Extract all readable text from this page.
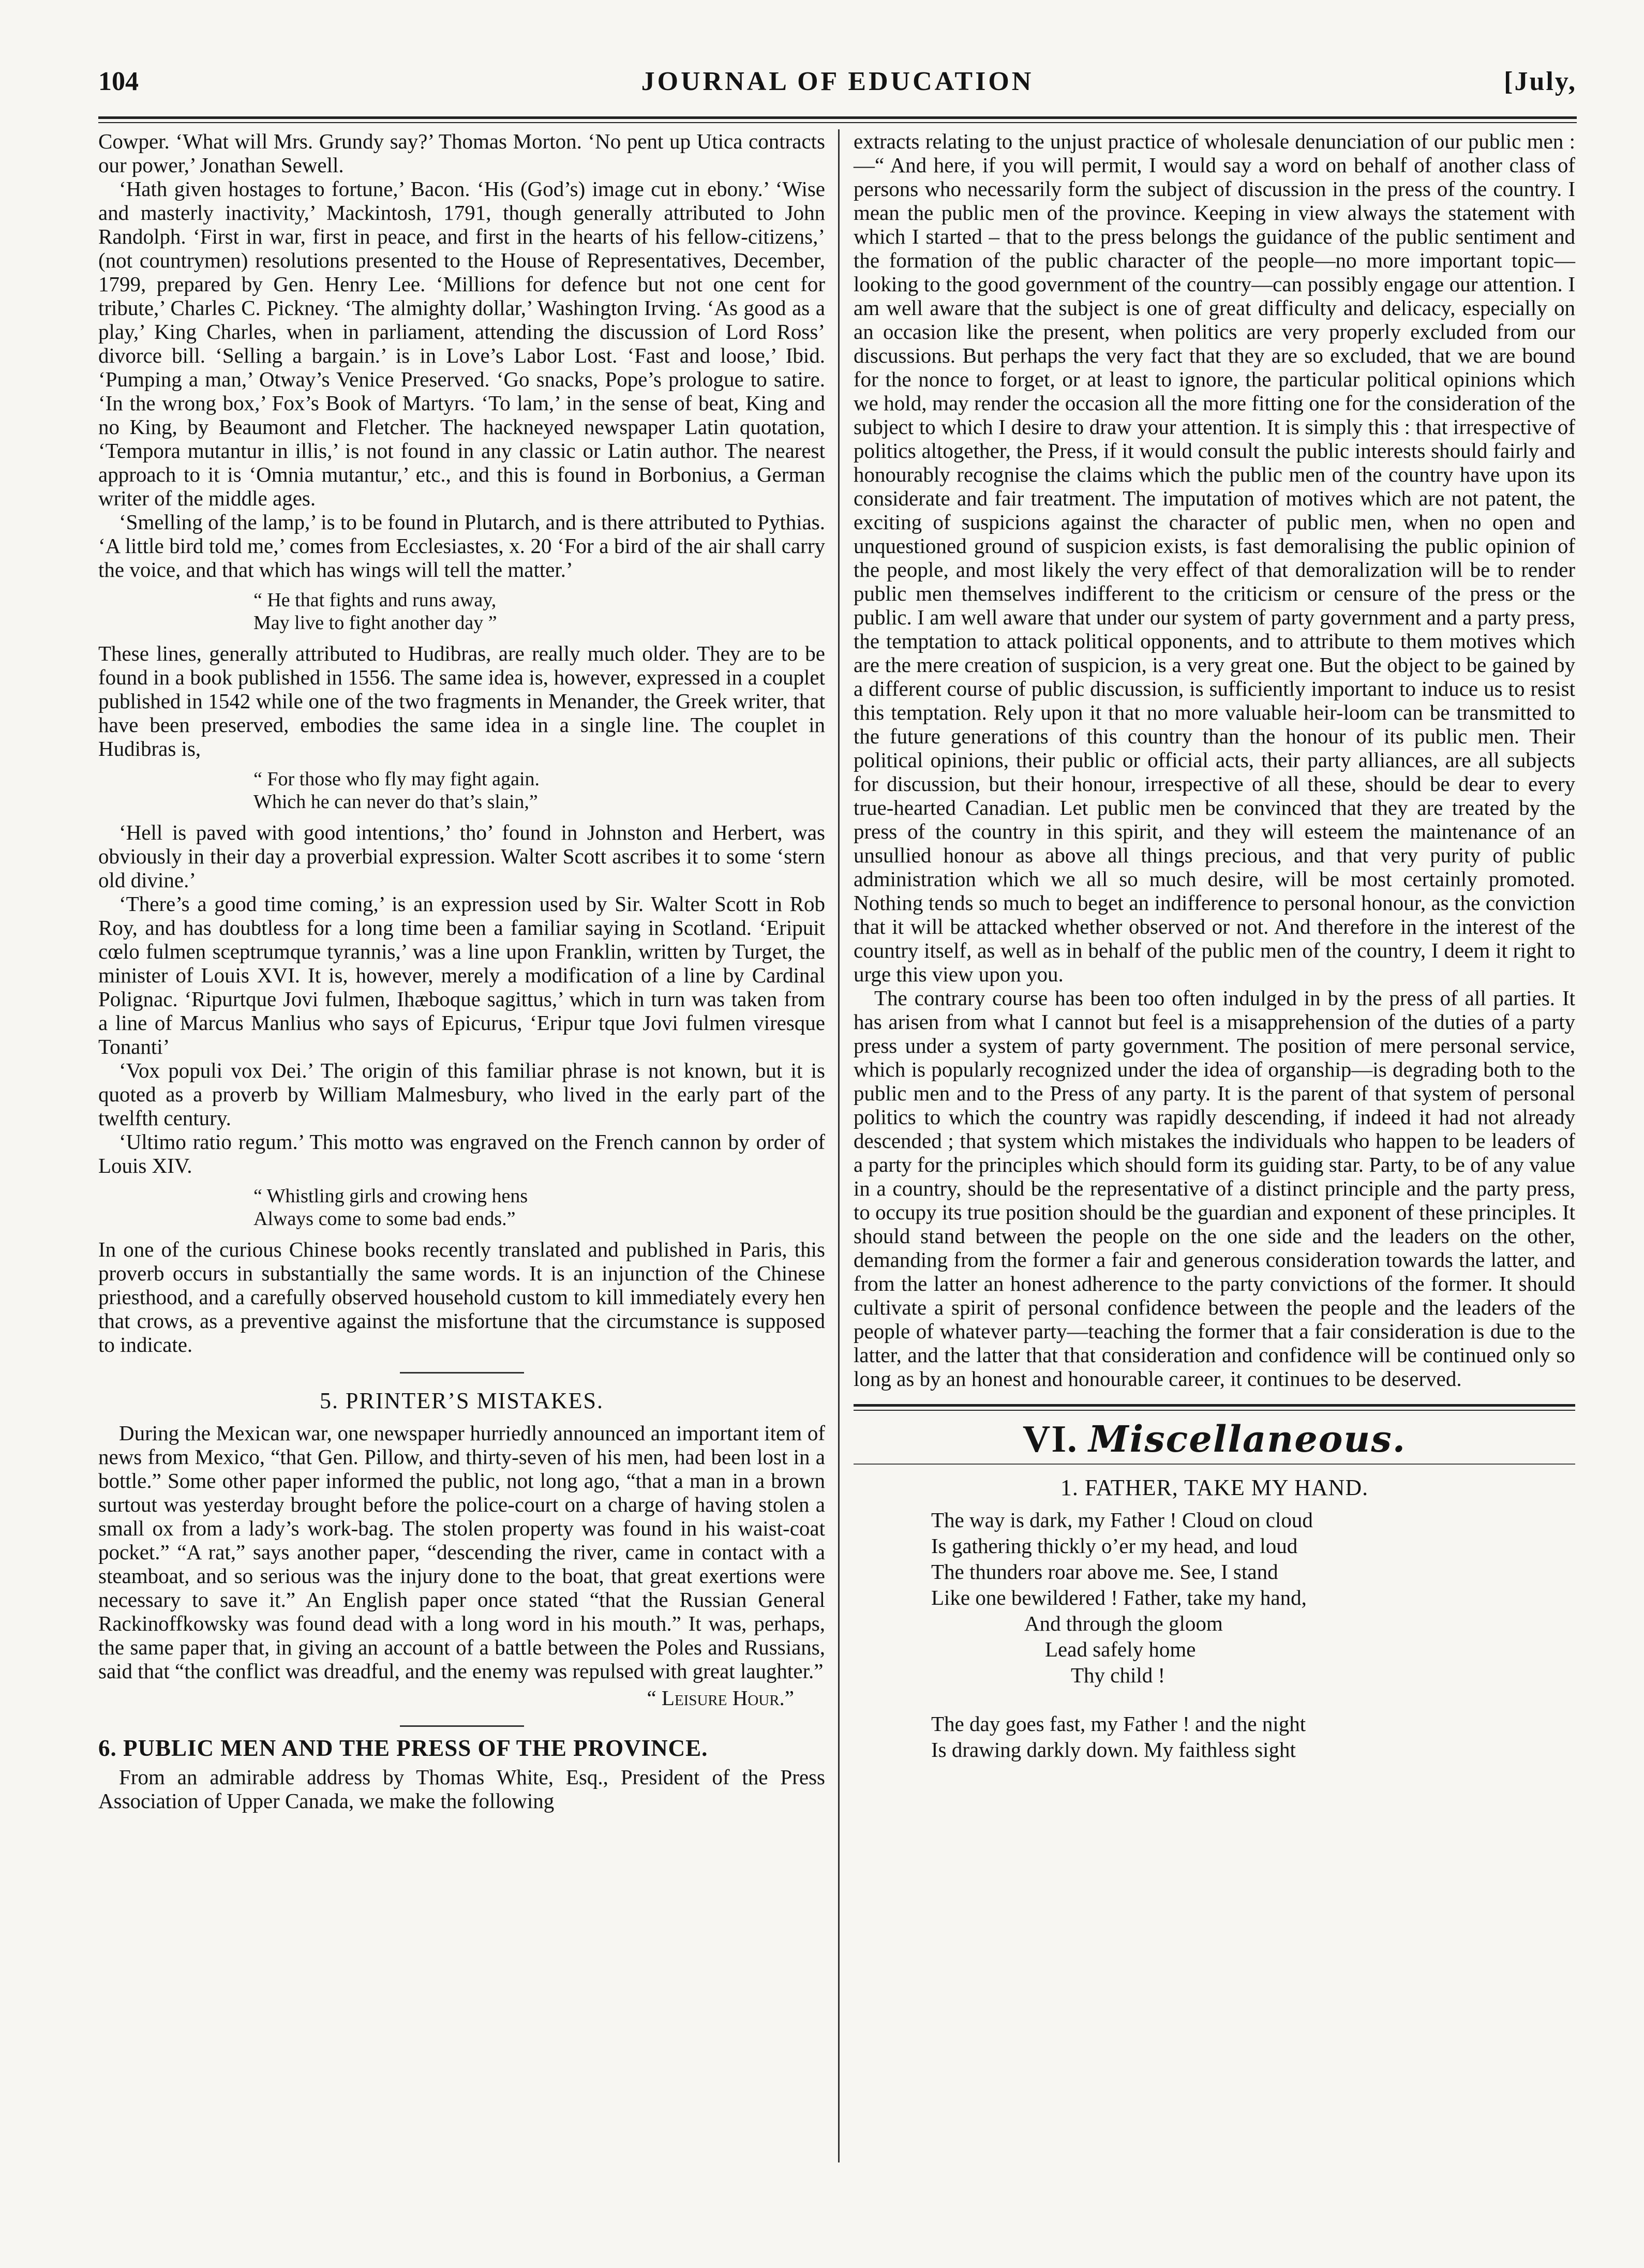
104	JOURNAL OF EDUCATION	[July,

Cowper. ‘What will Mrs. Grundy say?’ Thomas Morton. ‘No pent up Utica contracts our power,’ Jonathan Sewell.

‘Hath given hostages to fortune,’ Bacon. ‘His (God’s) image cut in ebony.’ ‘Wise and masterly inactivity,’ Mackintosh, 1791, though generally attributed to John Randolph. ‘First in war, first in peace, and first in the hearts of his fellow-citizens,’ (not countrymen) resolutions presented to the House of Representatives, December, 1799, prepared by Gen. Henry Lee. ‘Millions for defence but not one cent for tribute,’ Charles C. Pickney. ‘The almighty dollar,’ Washington Irving. ‘As good as a play,’ King Charles, when in parliament, attending the discussion of Lord Ross’ divorce bill. ‘Selling a bargain.’ is in Love’s Labor Lost. ‘Fast and loose,’ Ibid. ‘Pumping a man,’ Otway’s Venice Preserved. ‘Go snacks, Pope’s prologue to satire. ‘In the wrong box,’ Fox’s Book of Martyrs. ‘To lam,’ in the sense of beat, King and no King, by Beaumont and Fletcher. The hackneyed newspaper Latin quotation, ‘Tempora mutantur in illis,’ is not found in any classic or Latin author. The nearest approach to it is ‘Omnia mutantur,’ etc., and this is found in Borbonius, a German writer of the middle ages.

‘Smelling of the lamp,’ is to be found in Plutarch, and is there attributed to Pythias. ‘A little bird told me,’ comes from Ecclesiastes, x. 20 ‘For a bird of the air shall carry the voice, and that which has wings will tell the matter.’

“ He that fights and runs away,
May live to fight another day ”

These lines, generally attributed to Hudibras, are really much older. They are to be found in a book published in 1556. The same idea is, however, expressed in a couplet published in 1542 while one of the two fragments in Menander, the Greek writer, that have been preserved, embodies the same idea in a single line. The couplet in Hudibras is,

“ For those who fly may fight again.
Which he can never do that’s slain,”

‘Hell is paved with good intentions,’ tho’ found in Johnston and Herbert, was obviously in their day a proverbial expression. Walter Scott ascribes it to some ‘stern old divine.’

‘There’s a good time coming,’ is an expression used by Sir. Walter Scott in Rob Roy, and has doubtless for a long time been a familiar saying in Scotland. ‘Eripuit cœlo fulmen sceptrumque tyrannis,’ was a line upon Franklin, written by Turget, the minister of Louis XVI. It is, however, merely a modification of a line by Cardinal Polignac. ‘Ripurtque Jovi fulmen, Ihæboque sagittus,’ which in turn was taken from a line of Marcus Manlius who says of Epicurus, ‘Eripur tque Jovi fulmen viresque Tonanti’

‘Vox populi vox Dei.’ The origin of this familiar phrase is not known, but it is quoted as a proverb by William Malmesbury, who lived in the early part of the twelfth century.

‘Ultimo ratio regum.’ This motto was engraved on the French cannon by order of Louis XIV.

“ Whistling girls and crowing hens
Always come to some bad ends.”

In one of the curious Chinese books recently translated and published in Paris, this proverb occurs in substantially the same words. It is an injunction of the Chinese priesthood, and a carefully observed household custom to kill immediately every hen that crows, as a preventive against the misfortune that the circumstance is supposed to indicate.

5. PRINTER’S MISTAKES.

During the Mexican war, one newspaper hurriedly announced an important item of news from Mexico, “that Gen. Pillow, and thirty-seven of his men, had been lost in a bottle.” Some other paper informed the public, not long ago, “that a man in a brown surtout was yesterday brought before the police-court on a charge of having stolen a small ox from a lady’s work-bag. The stolen property was found in his waist-coat pocket.” “A rat,” says another paper, “descending the river, came in contact with a steamboat, and so serious was the injury done to the boat, that great exertions were necessary to save it.” An English paper once stated “that the Russian General Rackinoffkowsky was found dead with a long word in his mouth.” It was, perhaps, the same paper that, in giving an account of a battle between the Poles and Russians, said that “the conflict was dreadful, and the enemy was repulsed with great laughter.”

“ Leisure Hour.”
6. PUBLIC MEN AND THE PRESS OF THE PROVINCE.

From an admirable address by Thomas White, Esq., President of the Press Association of Upper Canada, we make the following

extracts relating to the unjust practice of wholesale denunciation of our public men :—“ And here, if you will permit, I would say a word on behalf of another class of persons who necessarily form the subject of discussion in the press of the country. I mean the public men of the province. Keeping in view always the statement with which I started – that to the press belongs the guidance of the public sentiment and the formation of the public character of the people—no more important topic—looking to the good government of the country—can possibly engage our attention. I am well aware that the subject is one of great difficulty and delicacy, especially on an occasion like the present, when politics are very properly excluded from our discussions. But perhaps the very fact that they are so excluded, that we are bound for the nonce to forget, or at least to ignore, the particular political opinions which we hold, may render the occasion all the more fitting one for the consideration of the subject to which I desire to draw your attention. It is simply this : that irrespective of politics altogether, the Press, if it would consult the public interests should fairly and honourably recognise the claims which the public men of the country have upon its considerate and fair treatment. The imputation of motives which are not patent, the exciting of suspicions against the character of public men, when no open and unquestioned ground of suspicion exists, is fast demoralising the public opinion of the people, and most likely the very effect of that demoralization will be to render public men themselves indifferent to the criticism or censure of the press or the public. I am well aware that under our system of party government and a party press, the temptation to attack political opponents, and to attribute to them motives which are the mere creation of suspicion, is a very great one. But the object to be gained by a different course of public discussion, is sufficiently important to induce us to resist this temptation. Rely upon it that no more valuable heir-loom can be transmitted to the future generations of this country than the honour of its public men. Their political opinions, their public or official acts, their party alliances, are all subjects for discussion, but their honour, irrespective of all these, should be dear to every true-hearted Canadian. Let public men be convinced that they are treated by the press of the country in this spirit, and they will esteem the maintenance of an unsullied honour as above all things precious, and that very purity of public administration which we all so much desire, will be most certainly promoted. Nothing tends so much to beget an indifference to personal honour, as the conviction that it will be attacked whether observed or not. And therefore in the interest of the country itself, as well as in behalf of the public men of the country, I deem it right to urge this view upon you.

The contrary course has been too often indulged in by the press of all parties. It has arisen from what I cannot but feel is a misapprehension of the duties of a party press under a system of party government. The position of mere personal service, which is popularly recognized under the idea of organship—is degrading both to the public men and to the Press of any party. It is the parent of that system of personal politics to which the country was rapidly descending, if indeed it had not already descended ; that system which mistakes the individuals who happen to be leaders of a party for the principles which should form its guiding star. Party, to be of any value in a country, should be the representative of a distinct principle and the party press, to occupy its true position should be the guardian and exponent of these principles. It should stand between the people on the one side and the leaders on the other, demanding from the former a fair and generous consideration towards the latter, and from the latter an honest adherence to the party convictions of the former. It should cultivate a spirit of personal confidence between the people and the leaders of the people of whatever party—teaching the former that a fair consideration is due to the latter, and the latter that that consideration and confidence will be continued only so long as by an honest and honourable career, it continues to be deserved.

VI. Miscellaneous.
1. FATHER, TAKE MY HAND.
The way is dark, my Father ! Cloud on cloud
Is gathering thickly o’er my head, and loud
The thunders roar above me. See, I stand
Like one bewildered ! Father, take my hand,
And through the gloom
Lead safely home
Thy child !
The day goes fast, my Father ! and the night
Is drawing darkly down. My faithless sight
